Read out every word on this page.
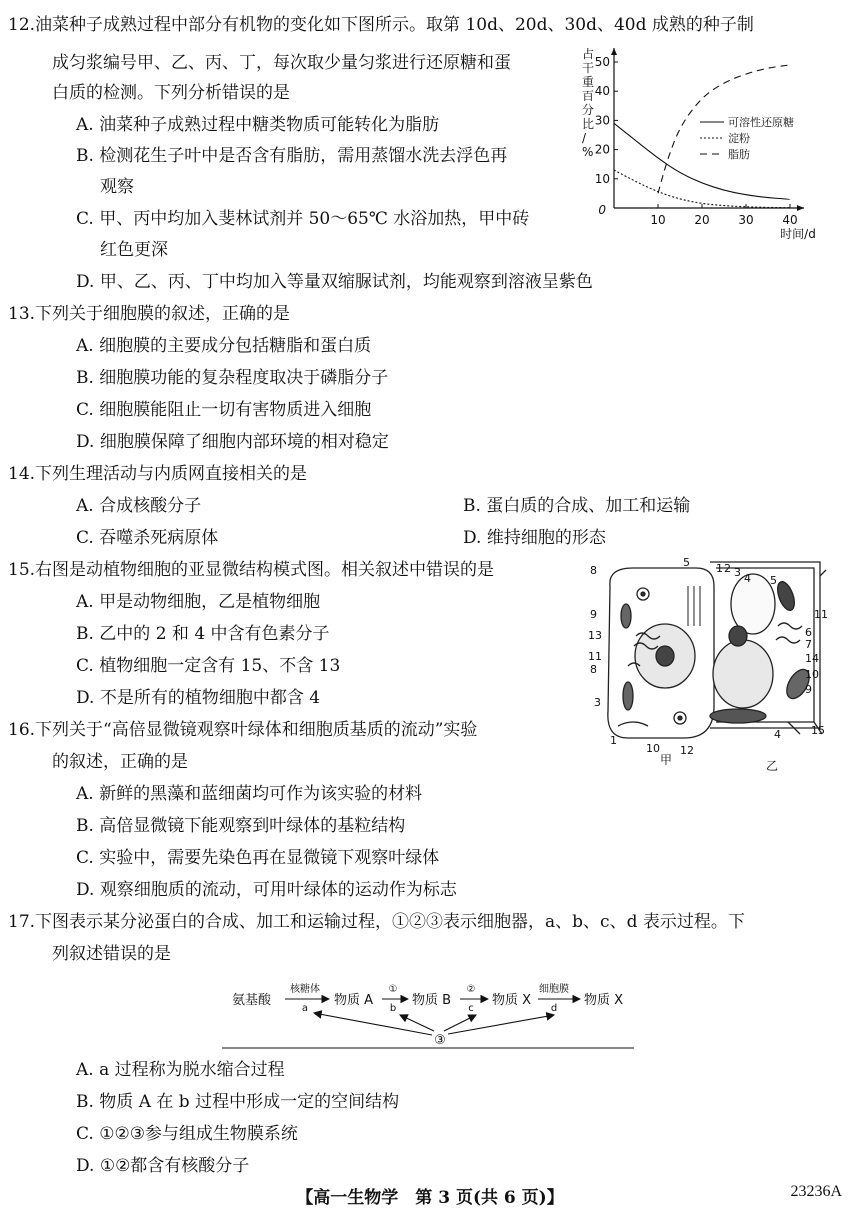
12.油菜种子成熟过程中部分有机物的变化如下图所示。取第 10d、20d、30d、40d 成熟的种子制
成匀浆编号甲、乙、丙、丁，每次取少量匀浆进行还原糖和蛋
白质的检测。下列分析错误的是
A. 油菜种子成熟过程中糖类物质可能转化为脂肪
B. 检测花生子叶中是否含有脂肪，需用蒸馏水洗去浮色再
观察
C. 甲、丙中均加入斐林试剂并 50～65℃ 水浴加热，甲中砖
红色更深
D. 甲、乙、丙、丁中均加入等量双缩脲试剂，均能观察到溶液呈紫色
10 20 30 40
10
20
30
40
50
0
占干重百分比/ %
时间/d
可溶性还原糖
淀粉
脂肪
13.下列关于细胞膜的叙述，正确的是
A. 细胞膜的主要成分包括糖脂和蛋白质
B. 细胞膜功能的复杂程度取决于磷脂分子
C. 细胞膜能阻止一切有害物质进入细胞
D. 细胞膜保障了细胞内部环境的相对稳定
14.下列生理活动与内质网直接相关的是
A. 合成核酸分子	B. 蛋白质的合成、加工和运输
C. 吞噬杀死病原体	D. 维持细胞的形态
15.右图是动植物细胞的亚显微结构模式图。相关叙述中错误的是
A. 甲是动物细胞，乙是植物细胞
B. 乙中的 2 和 4 中含有色素分子
C. 植物细胞一定含有 15、不含 13
D. 不是所有的植物细胞中都含 4
8
5
9
13
11
8
3
1
10 12
1 2 3 4 5
11
6
7
14
10
9
15
4
甲	乙
16.下列关于“高倍显微镜观察叶绿体和细胞质基质的流动”实验
的叙述，正确的是
A. 新鲜的黑藻和蓝细菌均可作为该实验的材料
B. 高倍显微镜下能观察到叶绿体的基粒结构
C. 实验中，需要先染色再在显微镜下观察叶绿体
D. 观察细胞质的流动，可用叶绿体的运动作为标志
17.下图表示某分泌蛋白的合成、加工和运输过程，①②③表示细胞器，a、b、c、d 表示过程。下
列叙述错误的是
氨基酸	物质 A	物质 B	物质 X	物质 X
核糖体
a
①
b
②
c
细胞膜
d
③
A. a 过程称为脱水缩合过程
B. 物质 A 在 b 过程中形成一定的空间结构
C. ①②③参与组成生物膜系统
D. ①②都含有核酸分子
【高一生物学　第 3 页(共 6 页)】	23236A
